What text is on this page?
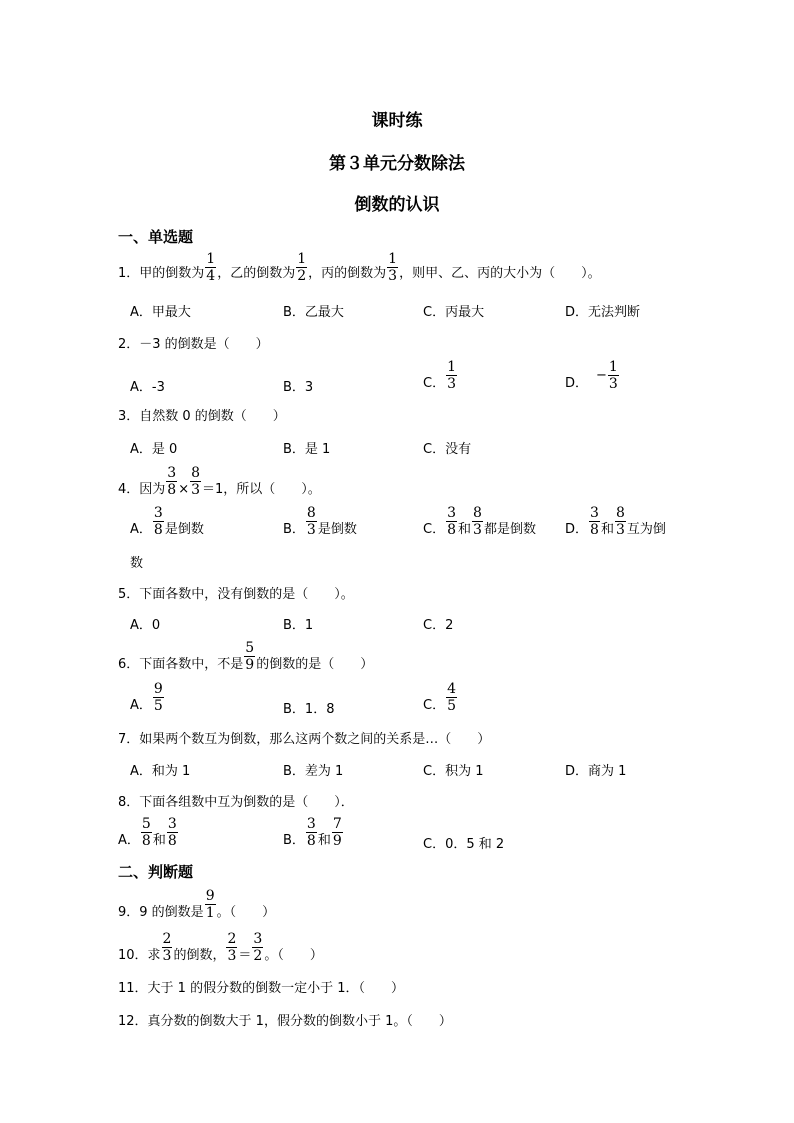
课时练
第３单元分数除法
倒数的认识
一、单选题
1．甲的倒数为 $\frac{1}{4}$ ，乙的倒数为 $\frac{1}{2}$ ，丙的倒数为 $\frac{1}{3}$ ，则甲、乙、丙的大小为（　　）。
A．甲最大	B．乙最大	C．丙最大	D．无法判断
2．－3 的倒数是（　　）
A．-3	B．3	C． $\frac{1}{3}$	D．− $\frac{1}{3}$
3．自然数 0 的倒数（　　）
A．是 0	B．是 1	C．没有
4．因为 $\frac{3}{8} \times \frac{8}{3} =1$，所以（　　）。
A． $\frac{3}{8}$ 是倒数	B． $\frac{8}{3}$ 是倒数	C． $\frac{3}{8}$ 和 $\frac{8}{3}$ 都是倒数 D． $\frac{3}{8}$ 和 $\frac{8}{3}$ 互为倒
数
5．下面各数中，没有倒数的是（　　）。
A．0	B．1	C．2
6．下面各数中，不是 $\frac{5}{9}$ 的倒数的是（　　）
A． $\frac{9}{5}$	B．1．8	C． $\frac{4}{5}$
7．如果两个数互为倒数，那么这两个数之间的关系是…（　　）
A．和为 1	B．差为 1	C．积为 1	D．商为 1
8．下面各组数中互为倒数的是（　　）．
A． $\frac{5}{8}$ 和 $\frac{3}{8}$	B． $\frac{3}{8}$ 和 $\frac{7}{9}$	C．0．5 和 2
二、判断题
9．9 的倒数是 $\frac{9}{1}$ 。（　　）
10．求 $\frac{2}{3}$ 的倒数， $\frac{2}{3} = \frac{3}{2}$ 。（　　）
11．大于 1 的假分数的倒数一定小于 1．（　　）
12．真分数的倒数大于 1，假分数的倒数小于 1。（　　）
